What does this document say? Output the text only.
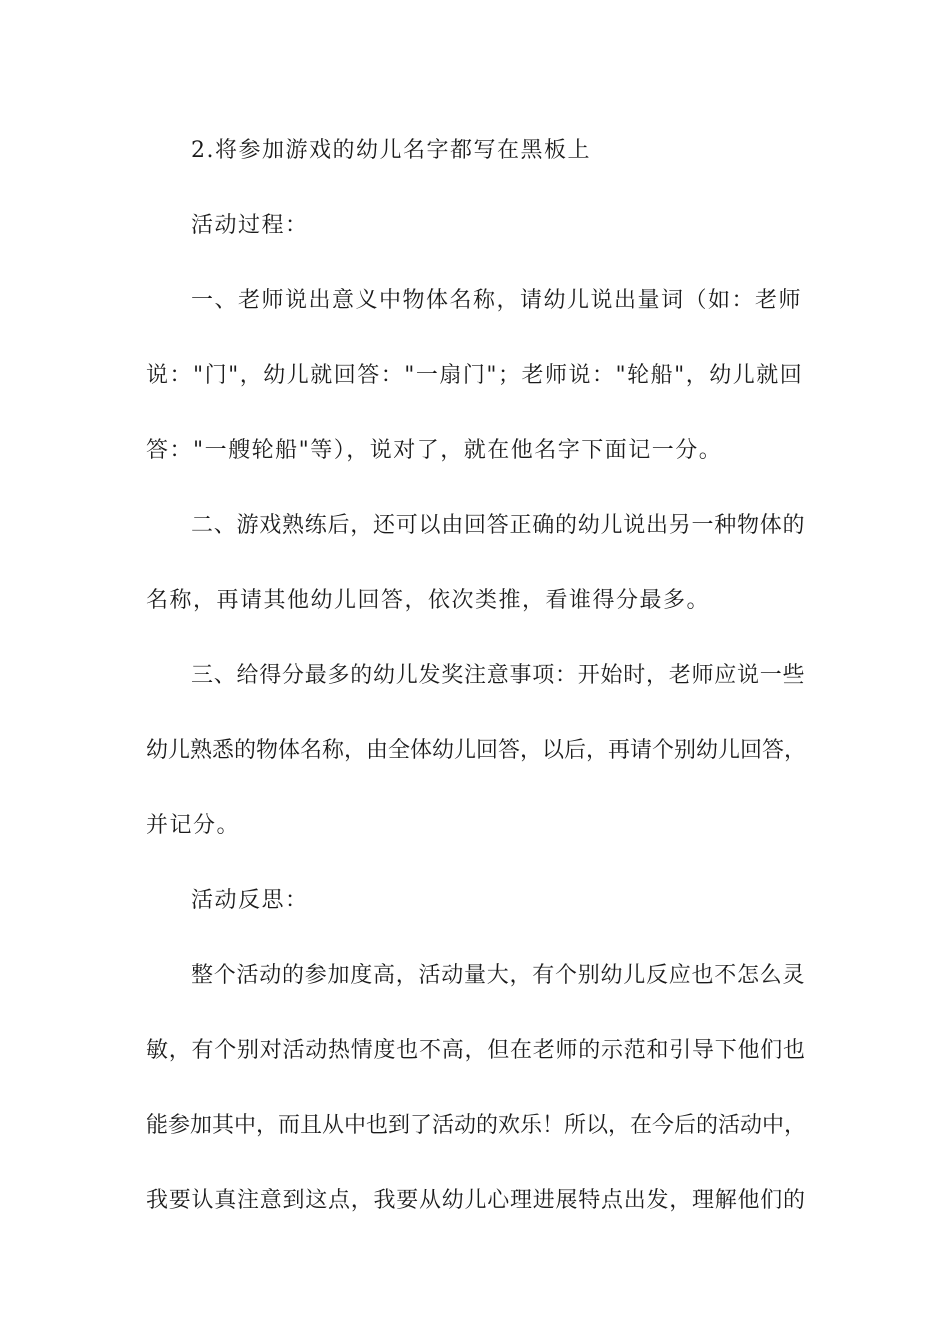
2.将参加游戏的幼儿名字都写在黑板上

活动过程：

一、老师说出意义中物体名称，请幼儿说出量词（如：老师

说："门"，幼儿就回答："一扇门"；老师说："轮船"，幼儿就回

答："一艘轮船"等），说对了，就在他名字下面记一分。

二、游戏熟练后，还可以由回答正确的幼儿说出另一种物体的

名称，再请其他幼儿回答，依次类推，看谁得分最多。

三、给得分最多的幼儿发奖注意事项：开始时，老师应说一些

幼儿熟悉的物体名称，由全体幼儿回答，以后，再请个别幼儿回答，

并记分。

活动反思：

整个活动的参加度高，活动量大，有个别幼儿反应也不怎么灵

敏，有个别对活动热情度也不高，但在老师的示范和引导下他们也

能参加其中，而且从中也到了活动的欢乐！所以，在今后的活动中，

我要认真注意到这点，我要从幼儿心理进展特点出发，理解他们的
